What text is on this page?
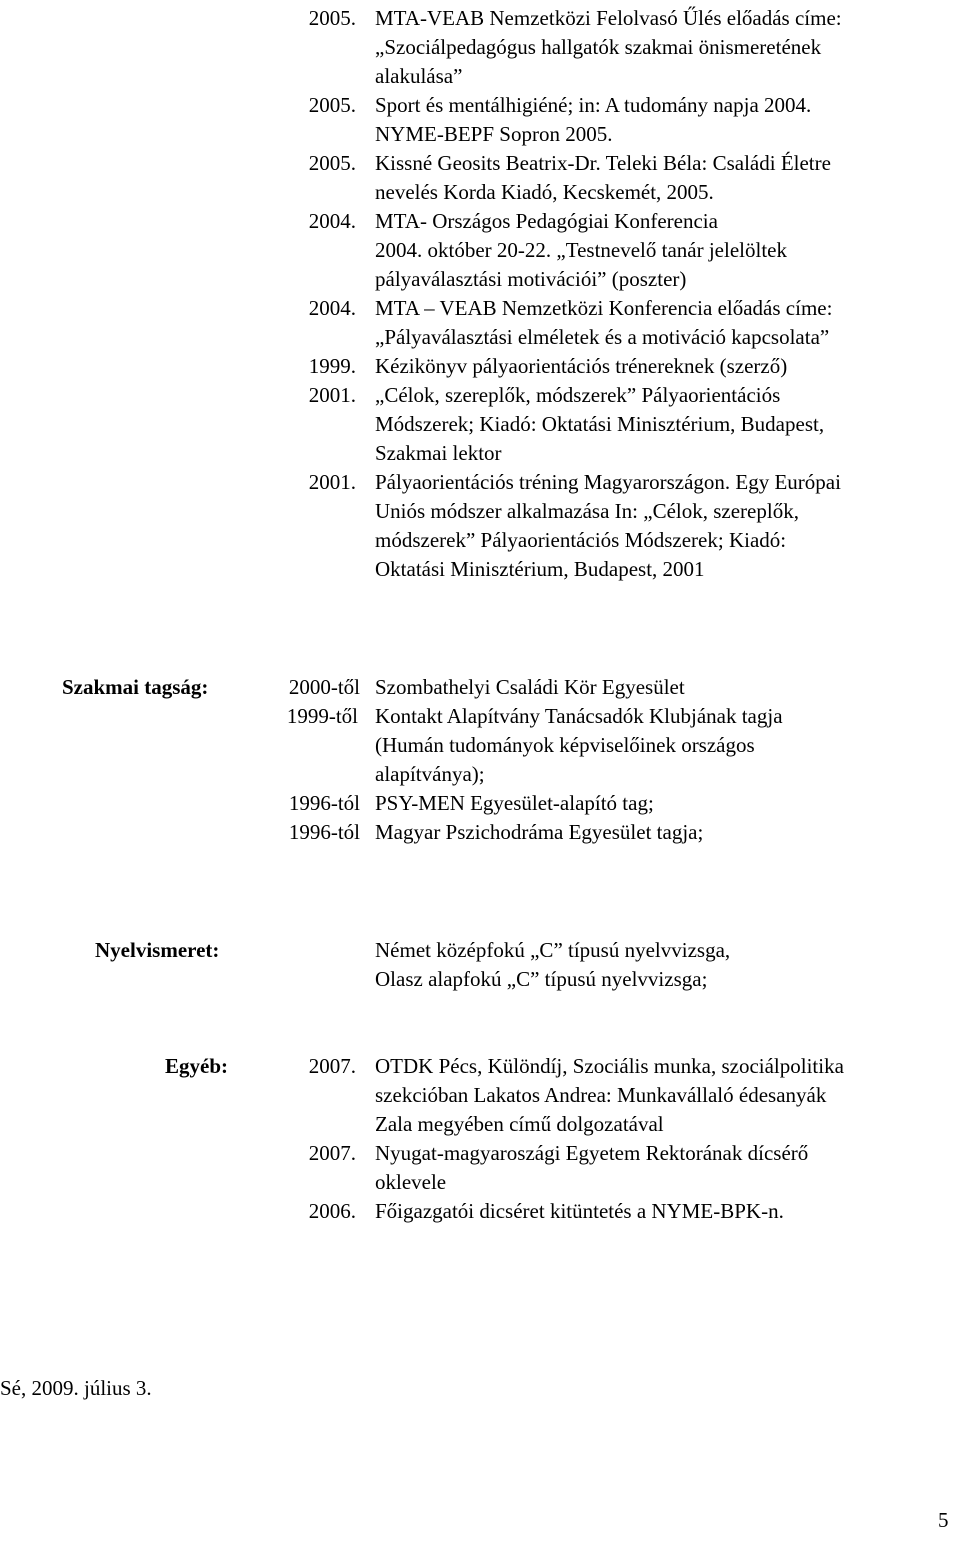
2005. MTA-VEAB Nemzetközi Felolvasó Űlés előadás címe:
„Szociálpedagógus hallgatók szakmai önismeretének
alakulása”
2005. Sport és mentálhigiéné; in: A tudomány napja 2004.
NYME-BEPF Sopron 2005.
2005. Kissné Geosits Beatrix-Dr. Teleki Béla: Családi Életre
nevelés Korda Kiadó, Kecskemét, 2005.
2004. MTA- Országos Pedagógiai Konferencia
2004. október 20-22. „Testnevelő tanár jelelöltek
pályaválasztási motivációi” (poszter)
2004. MTA – VEAB Nemzetközi Konferencia előadás címe:
„Pályaválasztási elméletek és a motiváció kapcsolata”
1999. Kézikönyv pályaorientációs trénereknek (szerző)
2001. „Célok, szereplők, módszerek” Pályaorientációs
Módszerek; Kiadó: Oktatási Minisztérium, Budapest,
Szakmai lektor
2001. Pályaorientációs tréning Magyarországon. Egy Európai
Uniós módszer alkalmazása In: „Célok, szereplők,
módszerek” Pályaorientációs Módszerek; Kiadó:
Oktatási Minisztérium, Budapest, 2001
Szakmai tagság:	2000-től Szombathelyi Családi Kör Egyesület
1999-től Kontakt Alapítvány Tanácsadók Klubjának tagja
(Humán tudományok képviselőinek országos
alapítványa);
1996-tól PSY-MEN Egyesület-alapító tag;
1996-tól Magyar Pszichodráma Egyesület tagja;
Nyelvismeret:	Német középfokú „C” típusú nyelvvizsga,
Olasz alapfokú „C” típusú nyelvvizsga;
Egyéb:	2007. OTDK Pécs, Különdíj, Szociális munka, szociálpolitika
szekcióban Lakatos Andrea: Munkavállaló édesanyák
Zala megyében című dolgozatával
2007. Nyugat-magyaroszági Egyetem Rektorának dícsérő
oklevele
2006. Főigazgatói dicséret kitüntetés a NYME-BPK-n.
Sé, 2009. július 3.
5
